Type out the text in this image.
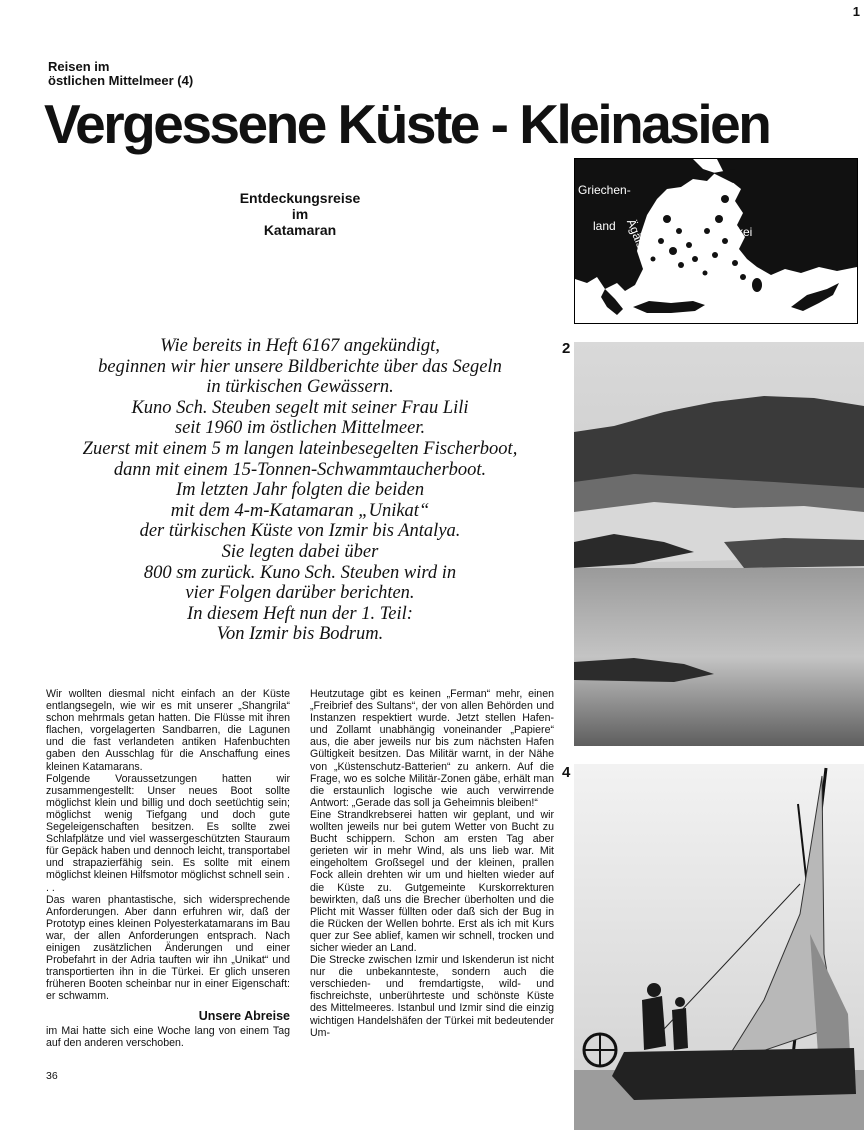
1
Reisen im
östlichen Mittelmeer (4)
Vergessene Küste - Kleinasien
Entdeckungsreise
im
Katamaran
Griechen-
land Ägäis	Türkei
Wie bereits in Heft 6167 angekündigt,
beginnen wir hier unsere Bildberichte über das Segeln
in türkischen Gewässern.
Kuno Sch. Steuben segelt mit seiner Frau Lili
seit 1960 im östlichen Mittelmeer.
Zuerst mit einem 5 m langen lateinbesegelten Fischerboot,
dann mit einem 15-Tonnen-Schwammtaucherboot.
Im letzten Jahr folgten die beiden
mit dem 4-m-Katamaran „Unikat“
der türkischen Küste von Izmir bis Antalya.
Sie legten dabei über
800 sm zurück. Kuno Sch. Steuben wird in
vier Folgen darüber berichten.
In diesem Heft nun der 1. Teil:
Von Izmir bis Bodrum.
2
4

Wir wollten diesmal nicht einfach an der Küste entlangsegeln, wie wir es mit unserer „Shangrila“ schon mehrmals getan hatten. Die Flüsse mit ihren flachen, vorgelagerten Sandbarren, die Lagunen und die fast verlandeten antiken Hafenbuchten gaben den Ausschlag für die Anschaffung eines kleinen Katamarans.

Folgende Voraussetzungen hatten wir zusammengestellt: Unser neues Boot sollte möglichst klein und billig und doch seetüchtig sein; möglichst wenig Tiefgang und doch gute Segeleigenschaften besitzen. Es sollte zwei Schlafplätze und viel wassergeschützten Stauraum für Gepäck haben und dennoch leicht, transportabel und strapazierfähig sein. Es sollte mit einem möglichst kleinen Hilfsmotor möglichst schnell sein . . .

Das waren phantastische, sich widersprechende Anforderungen. Aber dann erfuhren wir, daß der Prototyp eines kleinen Polyesterkatamarans im Bau war, der allen Anforderungen entsprach. Nach einigen zusätzlichen Änderungen und einer Probefahrt in der Adria tauften wir ihn „Unikat“ und transportierten ihn in die Türkei. Er glich unseren früheren Booten scheinbar nur in einer Eigenschaft: er schwamm.

Unsere Abreise

im Mai hatte sich eine Woche lang von einem Tag auf den anderen verschoben.

Heutzutage gibt es keinen „Ferman“ mehr, einen „Freibrief des Sultans“, der von allen Behörden und Instanzen respektiert wurde. Jetzt stellen Hafen- und Zollamt unabhängig voneinander „Papiere“ aus, die aber jeweils nur bis zum nächsten Hafen Gültigkeit besitzen. Das Militär warnt, in der Nähe von „Küstenschutz-Batterien“ zu ankern. Auf die Frage, wo es solche Militär-Zonen gäbe, erhält man die erstaunlich logische wie auch verwirrende Antwort: „Gerade das soll ja Geheimnis bleiben!“

Eine Strandkrebserei hatten wir geplant, und wir wollten jeweils nur bei gutem Wetter von Bucht zu Bucht schippern. Schon am ersten Tag aber gerieten wir in mehr Wind, als uns lieb war. Mit eingeholtem Großsegel und der kleinen, prallen Fock allein drehten wir um und hielten wieder auf die Küste zu. Gutgemeinte Kurskorrekturen bewirkten, daß uns die Brecher überholten und die Plicht mit Wasser füllten oder daß sich der Bug in die Rücken der Wellen bohrte. Erst als ich mit Kurs quer zur See ablief, kamen wir schnell, trocken und sicher wieder an Land.

Die Strecke zwischen Izmir und Iskenderun ist nicht nur die unbekannteste, sondern auch die verschieden- und fremdartigste, wild- und fischreichste, unberührteste und schönste Küste des Mittelmeeres. Istanbul und Izmir sind die einzig wichtigen Handelshäfen der Türkei mit bedeutender Um-

36
